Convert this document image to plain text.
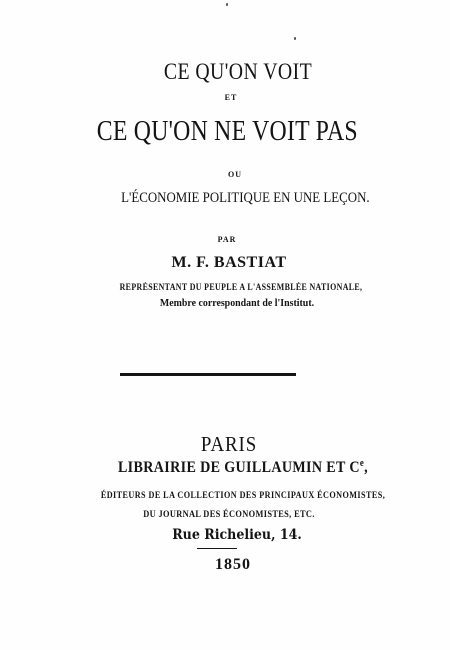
CE QU'ON VOIT
ET
CE QU'ON NE VOIT PAS
OU
L'ÉCONOMIE POLITIQUE EN UNE LEÇON.
PAR
M. F. BASTIAT
REPRÉSENTANT DU PEUPLE A L'ASSEMBLÉE NATIONALE,
Membre correspondant de l'Institut.
PARIS
LIBRAIRIE DE GUILLAUMIN ET Ce,
ÉDITEURS DE LA COLLECTION DES PRINCIPAUX ÉCONOMISTES,
DU JOURNAL DES ÉCONOMISTES, ETC.
Rue Richelieu, 14.
1850
